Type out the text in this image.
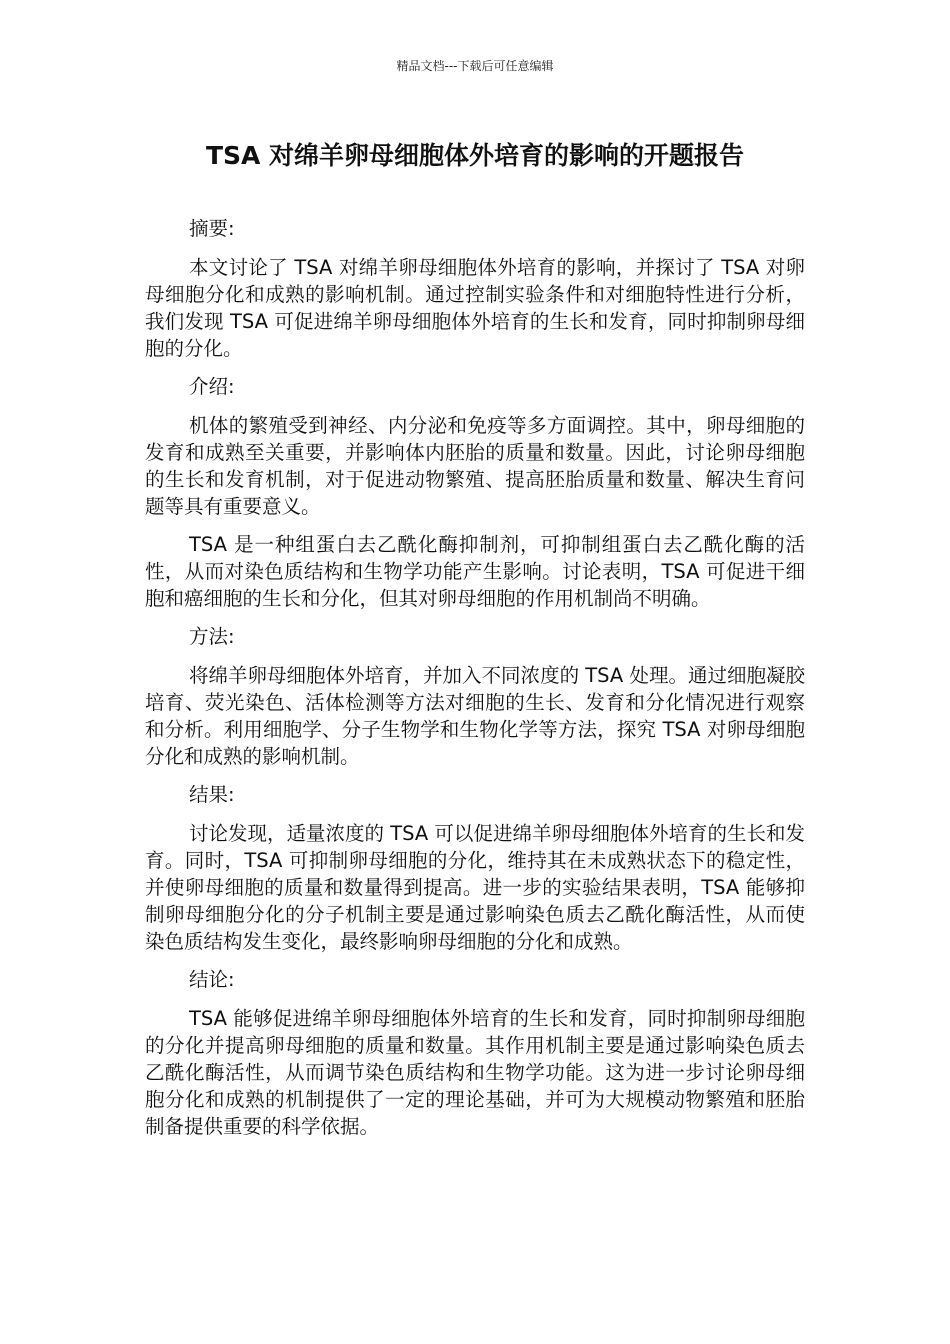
精品文档---下载后可任意编辑
TSA 对绵羊卵母细胞体外培育的影响的开题报告

摘要:

本文讨论了 TSA 对绵羊卵母细胞体外培育的影响，并探讨了 TSA 对卵母细胞分化和成熟的影响机制。通过控制实验条件和对细胞特性进行分析，我们发现 TSA 可促进绵羊卵母细胞体外培育的生长和发育，同时抑制卵母细胞的分化。

介绍:

机体的繁殖受到神经、内分泌和免疫等多方面调控。其中，卵母细胞的发育和成熟至关重要，并影响体内胚胎的质量和数量。因此，讨论卵母细胞的生长和发育机制，对于促进动物繁殖、提高胚胎质量和数量、解决生育问题等具有重要意义。

TSA 是一种组蛋白去乙酰化酶抑制剂，可抑制组蛋白去乙酰化酶的活性，从而对染色质结构和生物学功能产生影响。讨论表明，TSA 可促进干细胞和癌细胞的生长和分化，但其对卵母细胞的作用机制尚不明确。

方法:

将绵羊卵母细胞体外培育，并加入不同浓度的 TSA 处理。通过细胞凝胶培育、荧光染色、活体检测等方法对细胞的生长、发育和分化情况进行观察和分析。利用细胞学、分子生物学和生物化学等方法，探究 TSA 对卵母细胞分化和成熟的影响机制。

结果:

讨论发现，适量浓度的 TSA 可以促进绵羊卵母细胞体外培育的生长和发育。同时，TSA 可抑制卵母细胞的分化，维持其在未成熟状态下的稳定性，并使卵母细胞的质量和数量得到提高。进一步的实验结果表明，TSA 能够抑制卵母细胞分化的分子机制主要是通过影响染色质去乙酰化酶活性，从而使染色质结构发生变化，最终影响卵母细胞的分化和成熟。

结论:

TSA 能够促进绵羊卵母细胞体外培育的生长和发育，同时抑制卵母细胞的分化并提高卵母细胞的质量和数量。其作用机制主要是通过影响染色质去乙酰化酶活性，从而调节染色质结构和生物学功能。这为进一步讨论卵母细胞分化和成熟的机制提供了一定的理论基础，并可为大规模动物繁殖和胚胎制备提供重要的科学依据。
